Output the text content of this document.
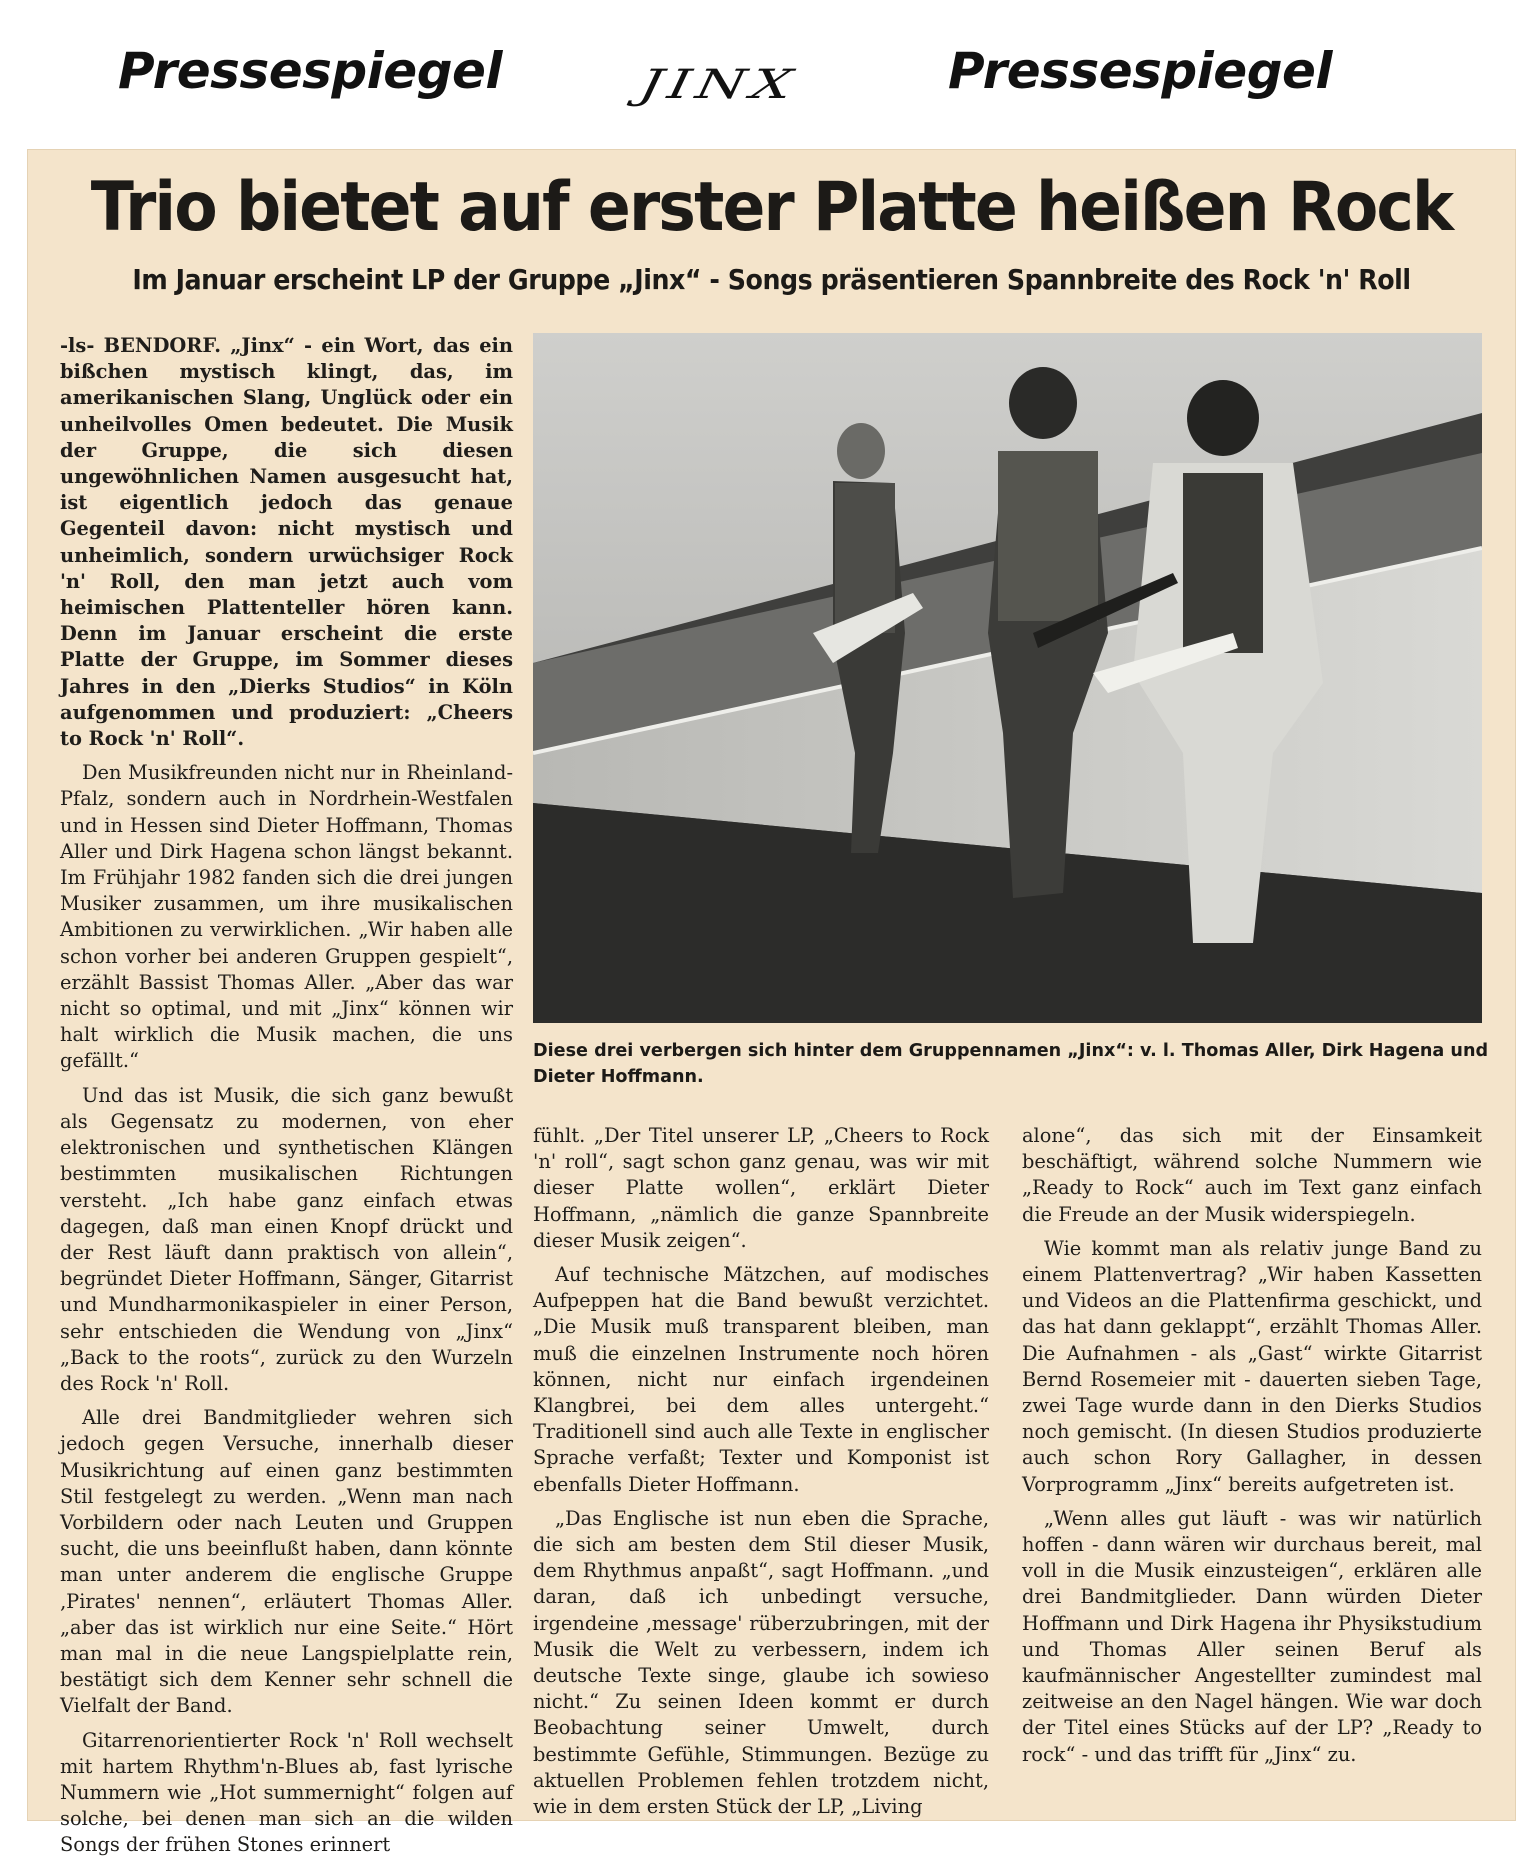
Pressespiegel JINX	Pressespiegel
Trio bietet auf erster Platte heißen Rock
Im Januar erscheint LP der Gruppe „Jinx“ - Songs präsentieren Spannbreite des Rock 'n' Roll

-ls- BENDORF. „Jinx“ - ein Wort, das ein bißchen mystisch klingt, das, im amerikanischen Slang, Unglück oder ein unheilvolles Omen bedeutet. Die Musik der Gruppe, die sich diesen ungewöhnlichen Namen ausgesucht hat, ist eigentlich jedoch das genaue Gegenteil davon: nicht mystisch und unheimlich, sondern urwüchsiger Rock 'n' Roll, den man jetzt auch vom heimischen Plattenteller hören kann. Denn im Januar erscheint die erste Platte der Gruppe, im Sommer dieses Jahres in den „Dierks Studios“ in Köln aufgenommen und produziert: „Cheers to Rock 'n' Roll“.

Den Musikfreunden nicht nur in Rheinland-Pfalz, sondern auch in Nordrhein-Westfalen und in Hessen sind Dieter Hoffmann, Thomas Aller und Dirk Hagena schon längst bekannt. Im Frühjahr 1982 fanden sich die drei jungen Musiker zusammen, um ihre musikalischen Ambitionen zu verwirklichen. „Wir haben alle schon vorher bei anderen Gruppen gespielt“, erzählt Bassist Thomas Aller. „Aber das war nicht so optimal, und mit „Jinx“ können wir halt wirklich die Musik machen, die uns gefällt.“

Und das ist Musik, die sich ganz bewußt als Gegensatz zu modernen, von eher elektronischen und synthetischen Klängen bestimmten musikalischen Richtungen versteht. „Ich habe ganz einfach etwas dagegen, daß man einen Knopf drückt und der Rest läuft dann praktisch von allein“, begründet Dieter Hoffmann, Sänger, Gitarrist und Mundharmonikaspieler in einer Person, sehr entschieden die Wendung von „Jinx“ „Back to the roots“, zurück zu den Wurzeln des Rock 'n' Roll.

Alle drei Bandmitglieder wehren sich jedoch gegen Versuche, innerhalb dieser Musikrichtung auf einen ganz bestimmten Stil festgelegt zu werden. „Wenn man nach Vorbildern oder nach Leuten und Gruppen sucht, die uns beeinflußt haben, dann könnte man unter anderem die englische Gruppe ‚Pirates' nennen“, erläutert Thomas Aller. „aber das ist wirklich nur eine Seite.“ Hört man mal in die neue Langspielplatte rein, bestätigt sich dem Kenner sehr schnell die Vielfalt der Band.

Gitarrenorientierter Rock 'n' Roll wechselt mit hartem Rhythm'n-Blues ab, fast lyrische Nummern wie „Hot summernight“ folgen auf solche, bei denen man sich an die wilden Songs der frühen Stones erinnert

Diese drei verbergen sich hinter dem Gruppennamen „Jinx“: v. l. Thomas Aller, Dirk Hagena und Dieter Hoffmann.

fühlt. „Der Titel unserer LP, „Cheers to Rock 'n' roll“, sagt schon ganz genau, was wir mit dieser Platte wollen“, erklärt Dieter Hoffmann, „nämlich die ganze Spannbreite dieser Musik zeigen“.

Auf technische Mätzchen, auf modisches Aufpeppen hat die Band bewußt verzichtet. „Die Musik muß transparent bleiben, man muß die einzelnen Instrumente noch hören können, nicht nur einfach irgendeinen Klangbrei, bei dem alles untergeht.“ Traditionell sind auch alle Texte in englischer Sprache verfaßt; Texter und Komponist ist ebenfalls Dieter Hoffmann.

„Das Englische ist nun eben die Sprache, die sich am besten dem Stil dieser Musik, dem Rhythmus anpaßt“, sagt Hoffmann. „und daran, daß ich unbedingt versuche, irgendeine ‚message' rüberzubringen, mit der Musik die Welt zu verbessern, indem ich deutsche Texte singe, glaube ich sowieso nicht.“ Zu seinen Ideen kommt er durch Beobachtung seiner Umwelt, durch bestimmte Gefühle, Stimmungen. Bezüge zu aktuellen Problemen fehlen trotzdem nicht, wie in dem ersten Stück der LP, „Living

alone“, das sich mit der Einsamkeit beschäftigt, während solche Nummern wie „Ready to Rock“ auch im Text ganz einfach die Freude an der Musik widerspiegeln.

Wie kommt man als relativ junge Band zu einem Plattenvertrag? „Wir haben Kassetten und Videos an die Plattenfirma geschickt, und das hat dann geklappt“, erzählt Thomas Aller. Die Aufnahmen - als „Gast“ wirkte Gitarrist Bernd Rosemeier mit - dauerten sieben Tage, zwei Tage wurde dann in den Dierks Studios noch gemischt. (In diesen Studios produzierte auch schon Rory Gallagher, in dessen Vorprogramm „Jinx“ bereits aufgetreten ist.

„Wenn alles gut läuft - was wir natürlich hoffen - dann wären wir durchaus bereit, mal voll in die Musik einzusteigen“, erklären alle drei Bandmitglieder. Dann würden Dieter Hoffmann und Dirk Hagena ihr Physikstudium und Thomas Aller seinen Beruf als kaufmännischer Angestellter zumindest mal zeitweise an den Nagel hängen. Wie war doch der Titel eines Stücks auf der LP? „Ready to rock“ - und das trifft für „Jinx“ zu.
